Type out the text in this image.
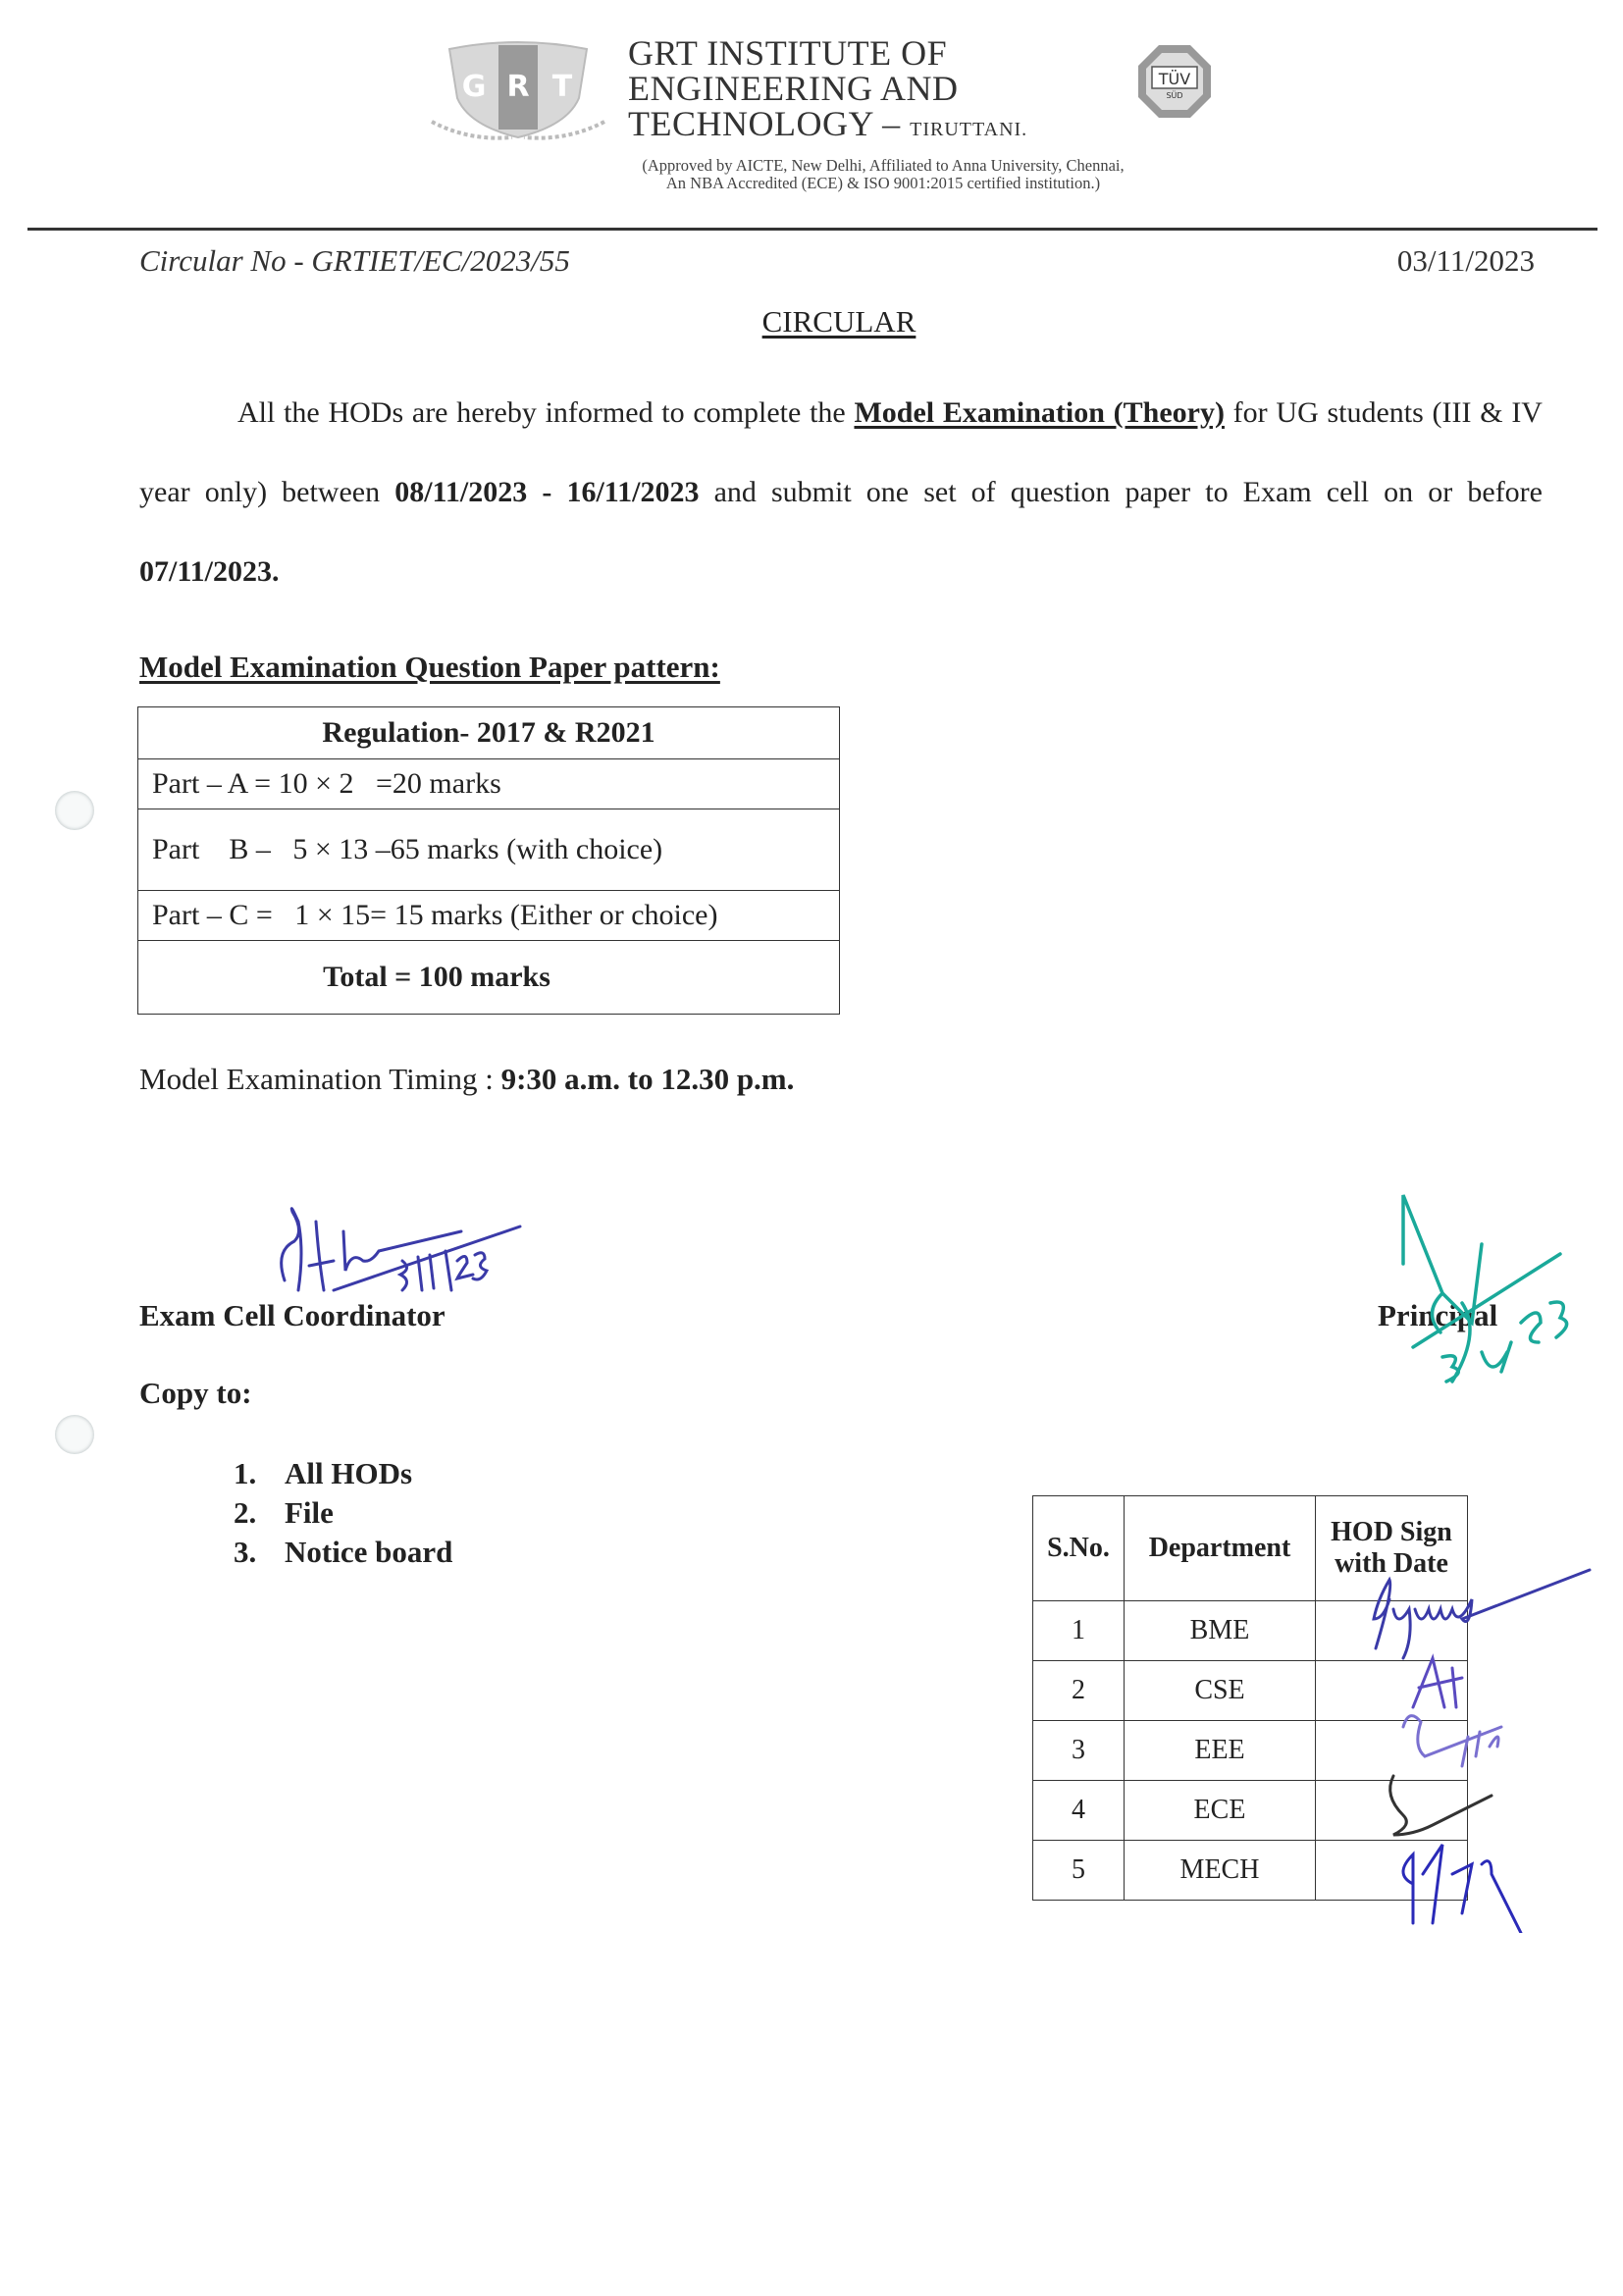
G R T
GRT INSTITUTE OF
ENGINEERING AND
TECHNOLOGY – TIRUTTANI.
TÜV
SÜD
(Approved by AICTE, New Delhi, Affiliated to Anna University, Chennai,
An NBA Accredited (ECE) & ISO 9001:2015 certified institution.)
Circular No - GRTIET/EC/2023/55	03/11/2023
CIRCULAR
All the HODs are hereby informed to complete the Model Examination (Theory) for UG students (III & IV year only) between 08/11/2023 - 16/11/2023 and submit one set of question paper to Exam cell on or before 07/11/2023.
Model Examination Question Paper pattern:
Regulation- 2017 & R2021
Part – A = 10 × 2   =20 marks
Part    B –   5 × 13 –65 marks (with choice)
Part – C =   1 × 15= 15 marks (Either or choice)
Total = 100 marks
Model Examination Timing : 9:30 a.m. to 12.30 p.m.
Exam Cell Coordinator	Principal
Copy to:
1. All HODs
2. File
3. Notice board	S.No.	Department	HOD Sign with Date
1	BME	
2	CSE	
3	EEE	
4	ECE	
5	MECH	
